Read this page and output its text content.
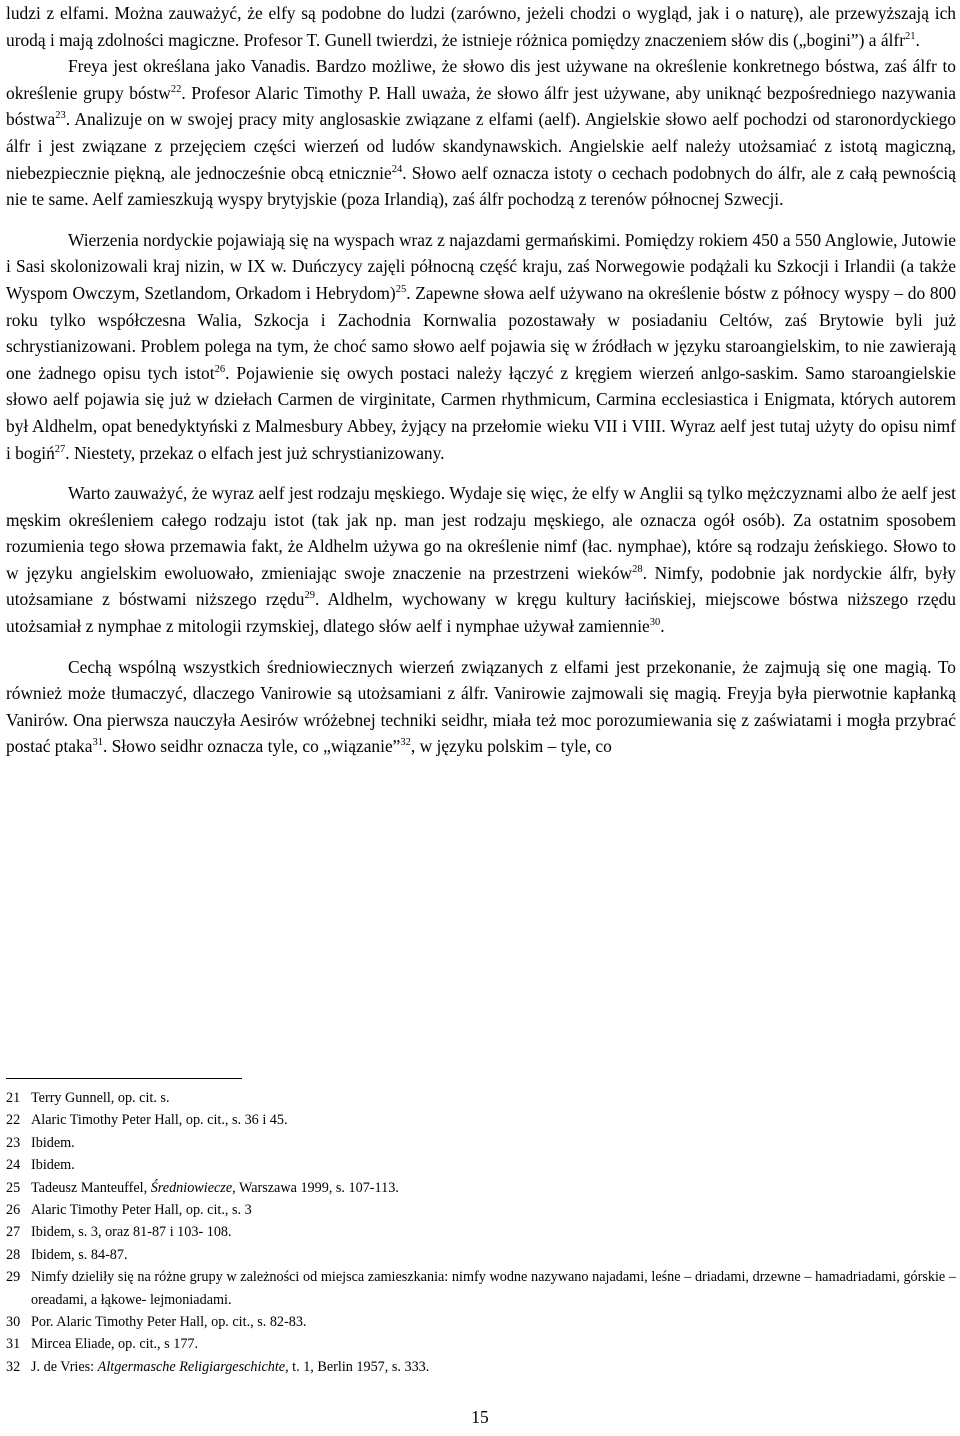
ludzi z elfami. Można zauważyć, że elfy są podobne do ludzi (zarówno, jeżeli chodzi o wygląd, jak i o naturę), ale przewyższają ich urodą i mają zdolności magiczne. Profesor T. Gunell twierdzi, że istnieje różnica pomiędzy znaczeniem słów dis („bogini”) a álfr$^{21}$.

Freya jest określana jako Vanadis. Bardzo możliwe, że słowo dis jest używane na określenie konkretnego bóstwa, zaś álfr to określenie grupy bóstw$^{22}$. Profesor Alaric Timothy P. Hall uważa, że słowo álfr jest używane, aby uniknąć bezpośredniego nazywania bóstwa$^{23}$. Analizuje on w swojej pracy mity anglosaskie związane z elfami (aelf). Angielskie słowo aelf pochodzi od staronordyckiego álfr i jest związane z przejęciem części wierzeń od ludów skandynawskich. Angielskie aelf należy utożsamiać z istotą magiczną, niebezpiecznie piękną, ale jednocześnie obcą etnicznie$^{24}$. Słowo aelf oznacza istoty o cechach podobnych do álfr, ale z całą pewnością nie te same. Aelf zamieszkują wyspy brytyjskie (poza Irlandią), zaś álfr pochodzą z terenów północnej Szwecji.

Wierzenia nordyckie pojawiają się na wyspach wraz z najazdami germańskimi. Pomiędzy rokiem 450 a 550 Anglowie, Jutowie i Sasi skolonizowali kraj nizin, w IX w. Duńczycy zajęli północną część kraju, zaś Norwegowie podążali ku Szkocji i Irlandii (a także Wyspom Owczym, Szetlandom, Orkadom i Hebrydom)$^{25}$. Zapewne słowa aelf używano na określenie bóstw z północy wyspy – do 800 roku tylko współczesna Walia, Szkocja i Zachodnia Kornwalia pozostawały w posiadaniu Celtów, zaś Brytowie byli już schrystianizowani. Problem polega na tym, że choć samo słowo aelf pojawia się w źródłach w języku staroangielskim, to nie zawierają one żadnego opisu tych istot$^{26}$. Pojawienie się owych postaci należy łączyć z kręgiem wierzeń anlgo-saskim. Samo staroangielskie słowo aelf pojawia się już w dziełach Carmen de virginitate, Carmen rhythmicum, Carmina ecclesiastica i Enigmata, których autorem był Aldhelm, opat benedyktyński z Malmesbury Abbey, żyjący na przełomie wieku VII i VIII. Wyraz aelf jest tutaj użyty do opisu nimf i bogiń$^{27}$. Niestety, przekaz o elfach jest już schrystianizowany.

Warto zauważyć, że wyraz aelf jest rodzaju męskiego. Wydaje się więc, że elfy w Anglii są tylko mężczyznami albo że aelf jest męskim określeniem całego rodzaju istot (tak jak np. man jest rodzaju męskiego, ale oznacza ogół osób). Za ostatnim sposobem rozumienia tego słowa przemawia fakt, że Aldhelm używa go na określenie nimf (łac. nymphae), które są rodzaju żeńskiego. Słowo to w języku angielskim ewoluowało, zmieniając swoje znaczenie na przestrzeni wieków$^{28}$. Nimfy, podobnie jak nordyckie álfr, były utożsamiane z bóstwami niższego rzędu$^{29}$. Aldhelm, wychowany w kręgu kultury łacińskiej, miejscowe bóstwa niższego rzędu utożsamiał z nymphae z mitologii rzymskiej, dlatego słów aelf i nymphae używał zamiennie$^{30}$.

Cechą wspólną wszystkich średniowiecznych wierzeń związanych z elfami jest przekonanie, że zajmują się one magią. To również może tłumaczyć, dlaczego Vanirowie są utożsamiani z álfr. Vanirowie zajmowali się magią. Freyja była pierwotnie kapłanką Vanirów. Ona pierwsza nauczyła Aesirów wróżebnej techniki seidhr, miała też moc porozumiewania się z zaświatami i mogła przybrać postać ptaka$^{31}$. Słowo seidhr oznacza tyle, co „wiązanie”$^{32}$, w języku polskim – tyle, co

21 Terry Gunnell, op. cit. s.
22 Alaric Timothy Peter Hall, op. cit., s. 36 i 45.
23 Ibidem.
24 Ibidem.
25 Tadeusz Manteuffel, Średniowiecze, Warszawa 1999, s. 107-113.
26 Alaric Timothy Peter Hall, op. cit., s. 3
27 Ibidem, s. 3, oraz 81-87 i 103- 108.
28 Ibidem, s. 84-87.
29 Nimfy dzieliły się na różne grupy w zależności od miejsca zamieszkania: nimfy wodne nazywano najadami, leśne – driadami, drzewne – hamadriadami, górskie – oreadami, a łąkowe- lejmoniadami.
30 Por. Alaric Timothy Peter Hall, op. cit., s. 82-83.
31 Mircea Eliade, op. cit., s 177.
32 J. de Vries: Altgermasche Religiargeschichte, t. 1, Berlin 1957, s. 333.
15
